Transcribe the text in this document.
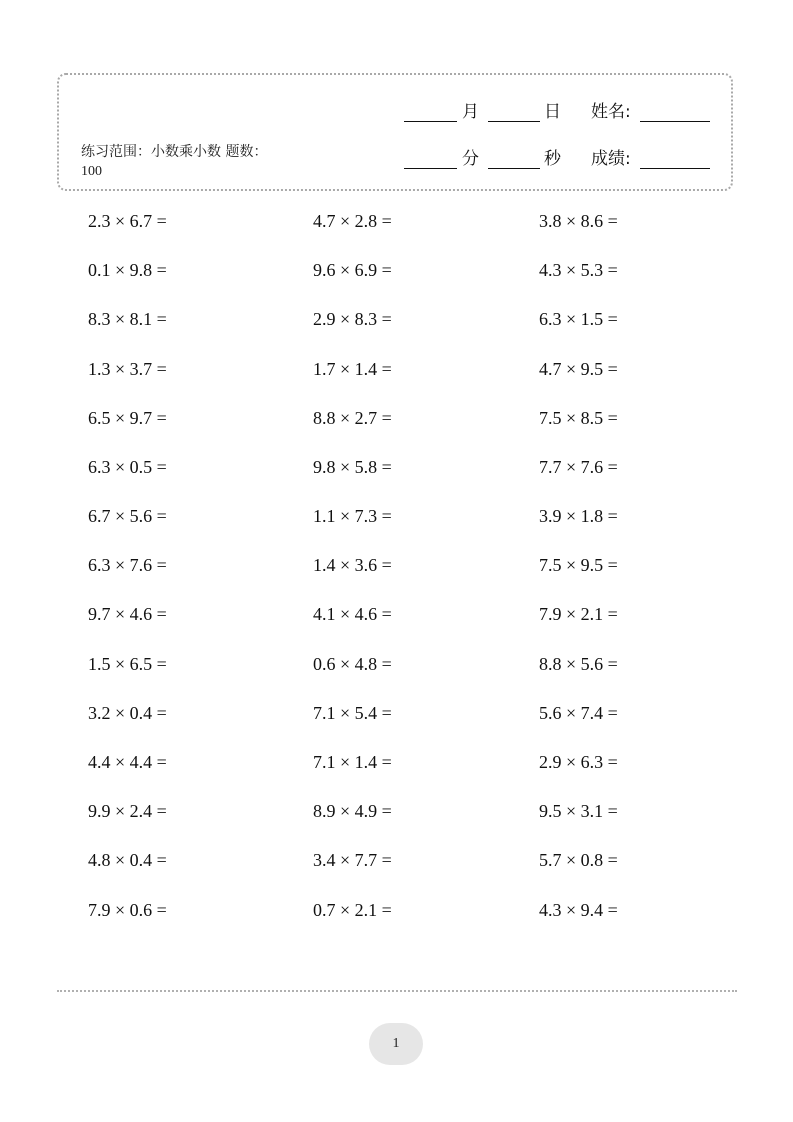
练习范围：小数乘小数 题数：
100
月	日 姓名:
分	秒 成绩:
2.3 × 6.7 =	4.7 × 2.8 =	3.8 × 8.6 =
0.1 × 9.8 =	9.6 × 6.9 =	4.3 × 5.3 =
8.3 × 8.1 =	2.9 × 8.3 =	6.3 × 1.5 =
1.3 × 3.7 =	1.7 × 1.4 =	4.7 × 9.5 =
6.5 × 9.7 =	8.8 × 2.7 =	7.5 × 8.5 =
6.3 × 0.5 =	9.8 × 5.8 =	7.7 × 7.6 =
6.7 × 5.6 =	1.1 × 7.3 =	3.9 × 1.8 =
6.3 × 7.6 =	1.4 × 3.6 =	7.5 × 9.5 =
9.7 × 4.6 =	4.1 × 4.6 =	7.9 × 2.1 =
1.5 × 6.5 =	0.6 × 4.8 =	8.8 × 5.6 =
3.2 × 0.4 =	7.1 × 5.4 =	5.6 × 7.4 =
4.4 × 4.4 =	7.1 × 1.4 =	2.9 × 6.3 =
9.9 × 2.4 =	8.9 × 4.9 =	9.5 × 3.1 =
4.8 × 0.4 =	3.4 × 7.7 =	5.7 × 0.8 =
7.9 × 0.6 =	0.7 × 2.1 =	4.3 × 9.4 =
1
